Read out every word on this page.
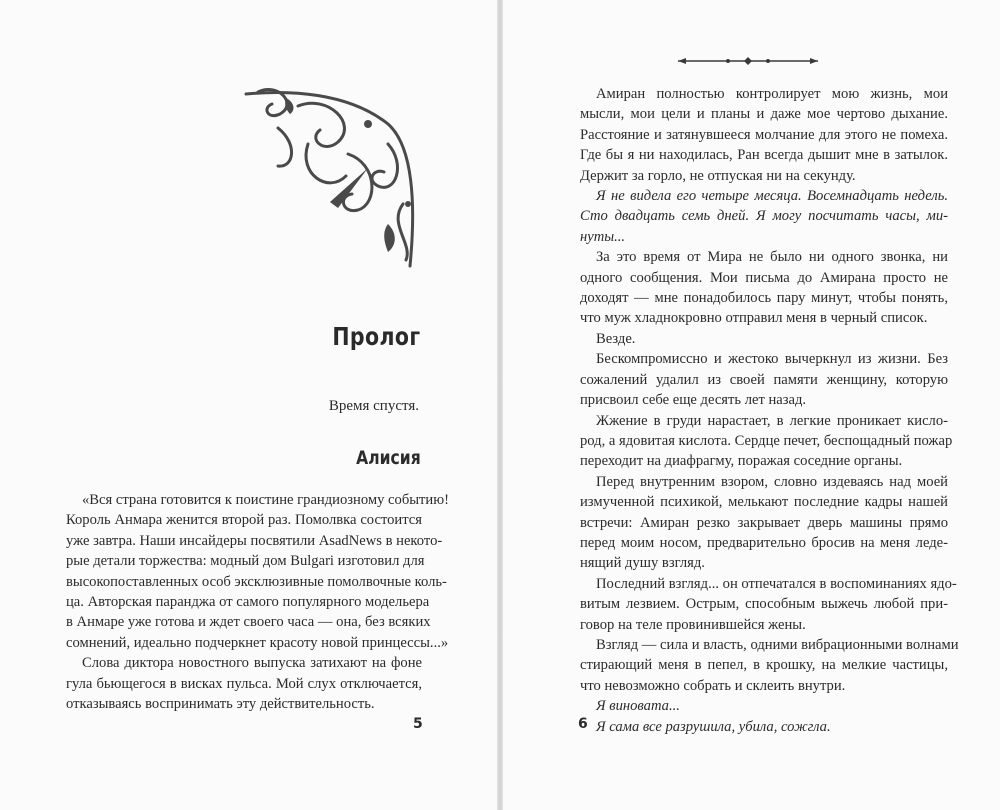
Пролог
Время спустя.
Алисия
«Вся страна готовится к поистине грандиозному событию!
Король Анмара женится второй раз. Помолвка состоится
уже завтра. Наши инсайдеры посвятили AsadNews в некото-
рые детали торжества: модный дом Bulgari изготовил для
высокопоставленных особ эксклюзивные помолвочные коль-
ца. Авторская паранджа от самого популярного модельера
в Анмаре уже готова и ждет своего часа — она, без всяких
сомнений, идеально подчеркнет красоту новой принцессы...»
Слова диктора новостного выпуска затихают на фоне
гула бьющегося в висках пульса. Мой слух отключается,
отказываясь воспринимать эту действительность.
5
Амиран полностью контролирует мою жизнь, мои
мысли, мои цели и планы и даже мое чертово дыхание.
Расстояние и затянувшееся молчание для этого не помеха.
Где бы я ни находилась, Ран всегда дышит мне в затылок.
Держит за горло, не отпуская ни на секунду.
Я не видела его четыре месяца. Восемнадцать недель.
Сто двадцать семь дней. Я могу посчитать часы, ми-
нуты...
За это время от Мира не было ни одного звонка, ни
одного сообщения. Мои письма до Амирана просто не
доходят — мне понадобилось пару минут, чтобы понять,
что муж хладнокровно отправил меня в черный список.
Везде.
Бескомпромиссно и жестоко вычеркнул из жизни. Без
сожалений удалил из своей памяти женщину, которую
присвоил себе еще десять лет назад.
Жжение в груди нарастает, в легкие проникает кисло-
род, а ядовитая кислота. Сердце печет, беспощадный пожар
переходит на диафрагму, поражая соседние органы.
Перед внутренним взором, словно издеваясь над моей
измученной психикой, мелькают последние кадры нашей
встречи: Амиран резко закрывает дверь машины прямо
перед моим носом, предварительно бросив на меня леде-
нящий душу взгляд.
Последний взгляд... он отпечатался в воспоминаниях ядо-
витым лезвием. Острым, способным выжечь любой при-
говор на теле провинившейся жены.
Взгляд — сила и власть, одними вибрационными волнами
стирающий меня в пепел, в крошку, на мелкие частицы,
что невозможно собрать и склеить внутри.
Я виновата...
Я сама все разрушила, убила, сожгла.
6
